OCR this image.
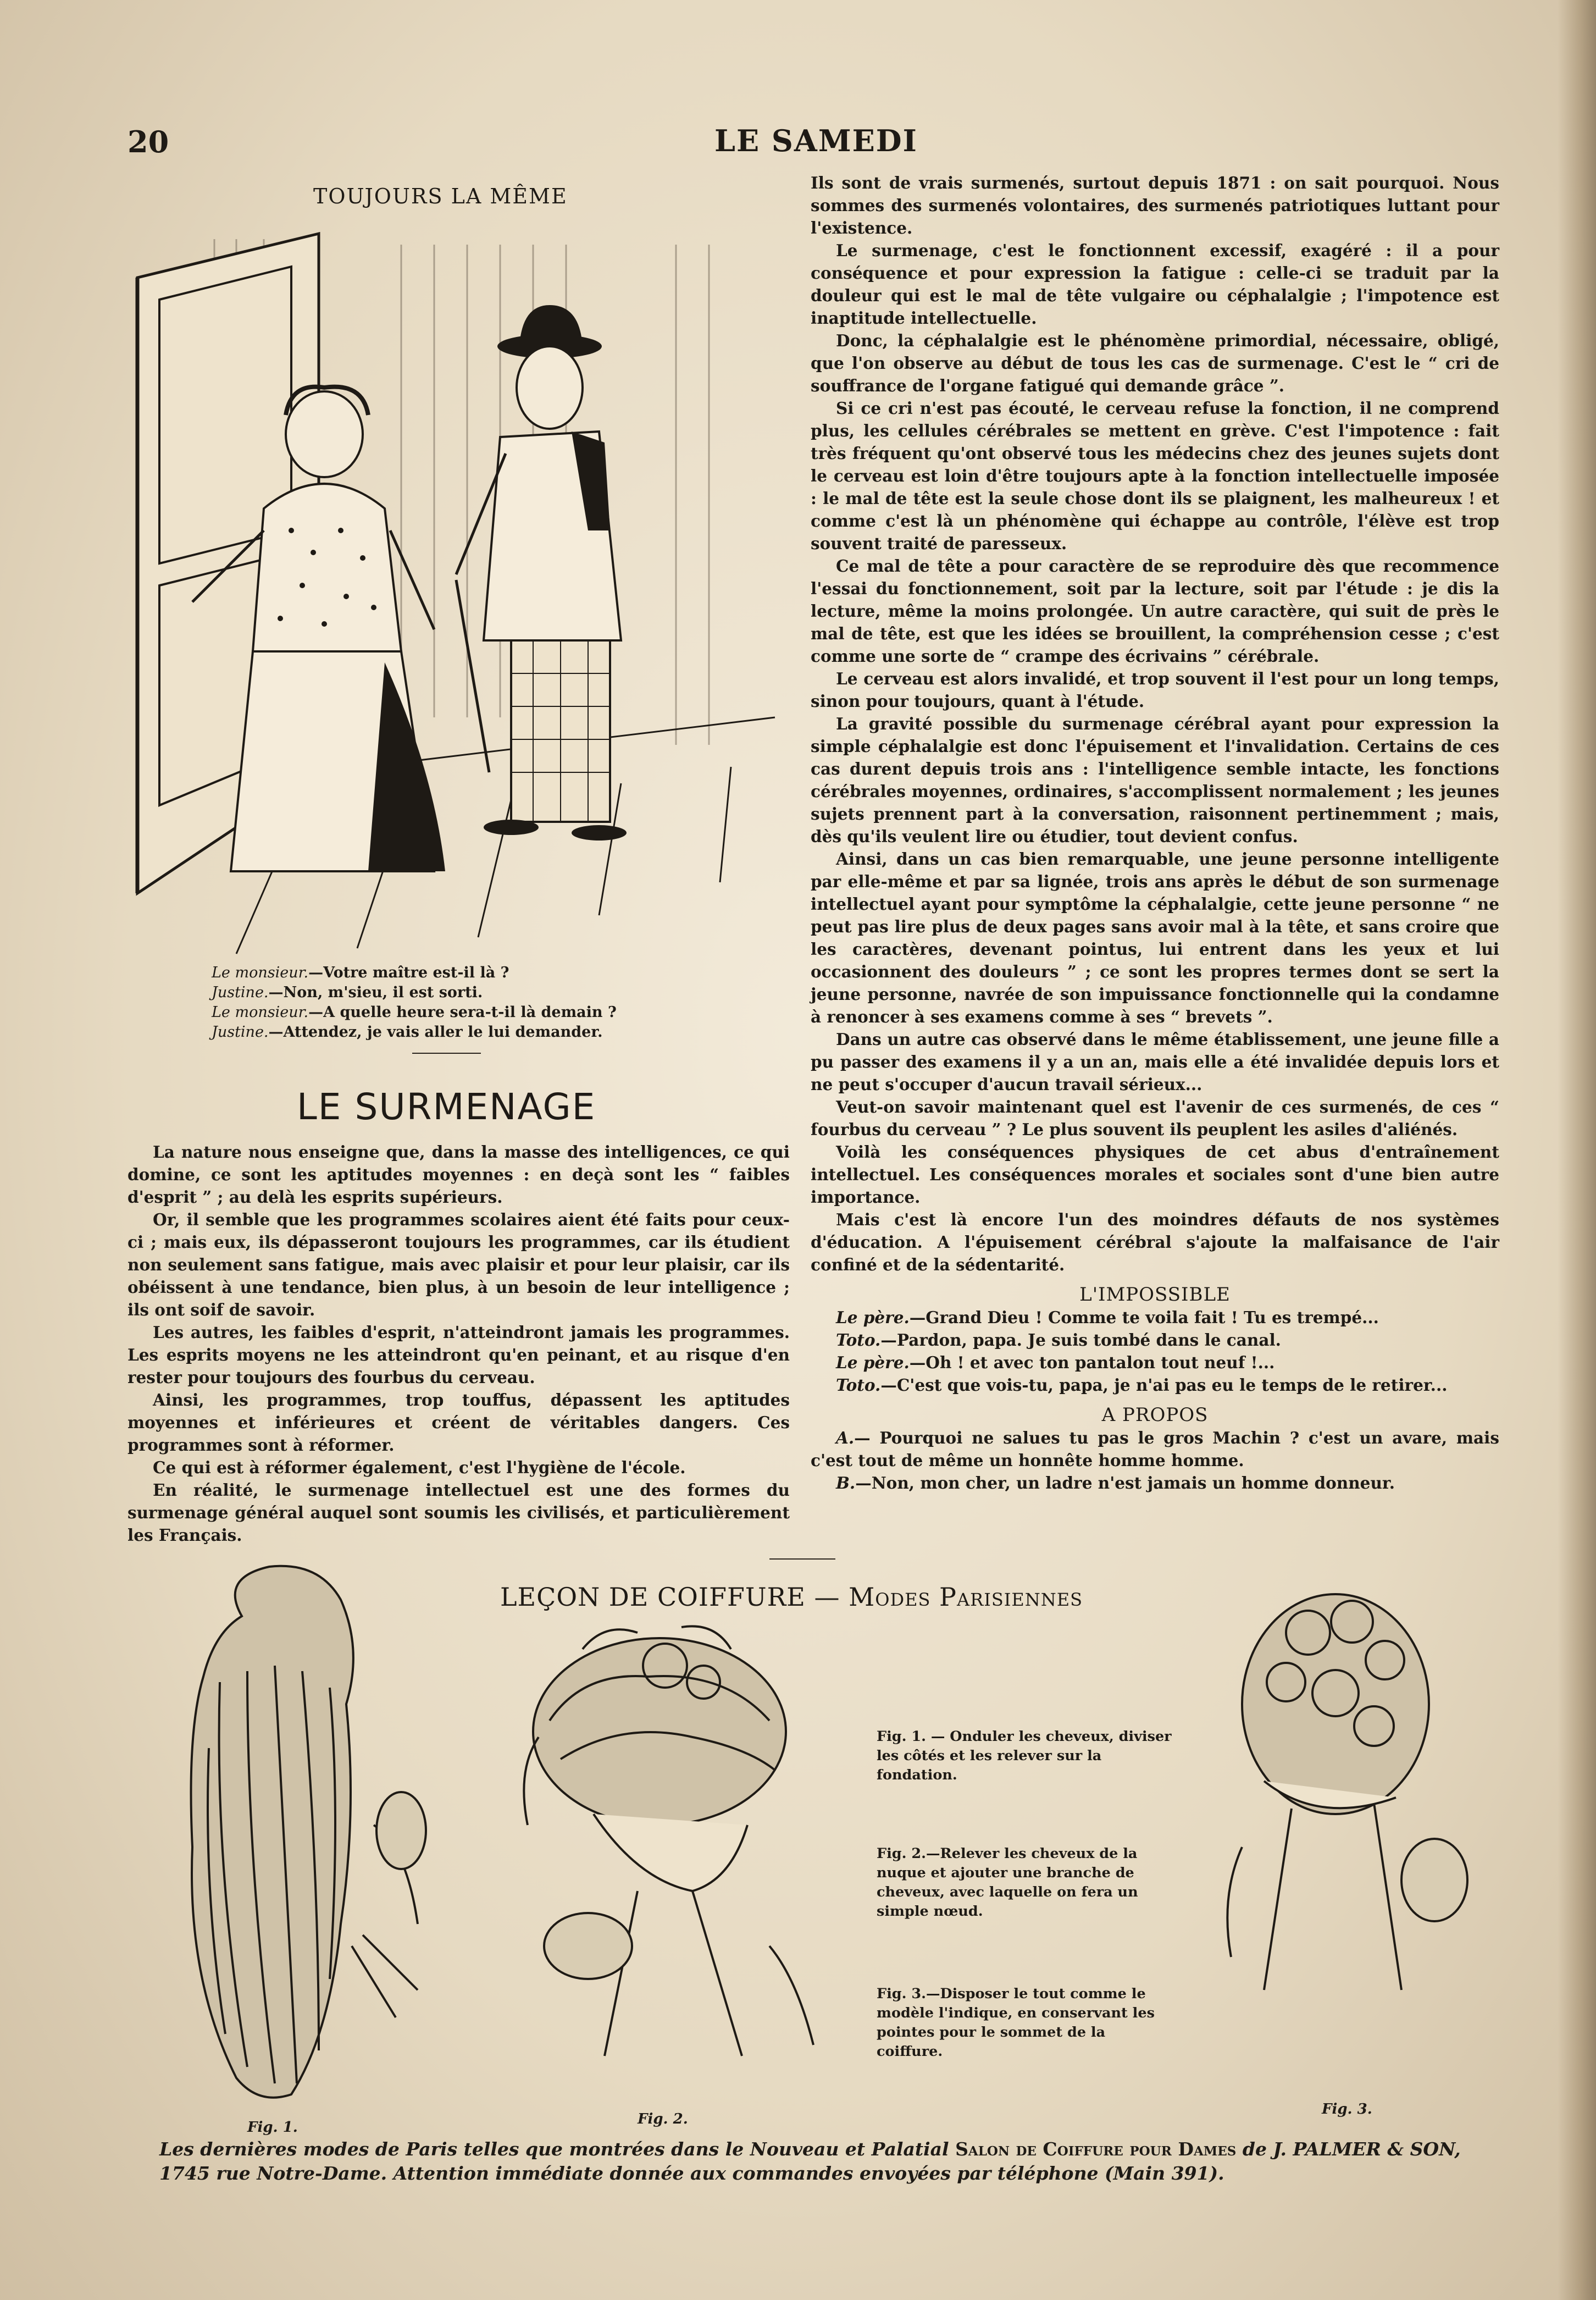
20	LE SAMEDI
TOUJOURS LA MÊME
Le monsieur.—Votre maître est-il là ?
Justine.—Non, m'sieu, il est sorti.
Le monsieur.—A quelle heure sera-t-il là demain ?
Justine.—Attendez, je vais aller le lui demander.
LE SURMENAGE

La nature nous enseigne que, dans la masse des intelligences, ce qui domine, ce sont les aptitudes moyennes : en deçà sont les “ faibles d'esprit ” ; au delà les esprits supérieurs.

Or, il semble que les programmes scolaires aient été faits pour ceux-ci ; mais eux, ils dépasseront toujours les programmes, car ils étudient non seulement sans fatigue, mais avec plaisir et pour leur plaisir, car ils obéissent à une tendance, bien plus, à un besoin de leur intelligence ; ils ont soif de savoir.

Les autres, les faibles d'esprit, n'atteindront jamais les programmes. Les esprits moyens ne les atteindront qu'en peinant, et au risque d'en rester pour toujours des fourbus du cerveau.

Ainsi, les programmes, trop touffus, dépassent les aptitudes moyennes et inférieures et créent de véritables dangers. Ces programmes sont à réformer.

Ce qui est à réformer également, c'est l'hygiène de l'école.

En réalité, le surmenage intellectuel est une des formes du surmenage général auquel sont soumis les civilisés, et particulièrement les Français.

Ils sont de vrais surmenés, surtout depuis 1871 : on sait pourquoi. Nous sommes des surmenés volontaires, des surmenés patriotiques luttant pour l'existence.

Le surmenage, c'est le fonctionnent excessif, exagéré : il a pour conséquence et pour expression la fatigue : celle-ci se traduit par la douleur qui est le mal de tête vulgaire ou céphalalgie ; l'impotence est inaptitude intellectuelle.

Donc, la céphalalgie est le phénomène primordial, nécessaire, obligé, que l'on observe au début de tous les cas de surmenage. C'est le “ cri de souffrance de l'organe fatigué qui demande grâce ”.

Si ce cri n'est pas écouté, le cerveau refuse la fonction, il ne comprend plus, les cellules cérébrales se mettent en grève. C'est l'impotence : fait très fréquent qu'ont observé tous les médecins chez des jeunes sujets dont le cerveau est loin d'être toujours apte à la fonction intellectuelle imposée : le mal de tête est la seule chose dont ils se plaignent, les malheureux ! et comme c'est là un phénomène qui échappe au contrôle, l'élève est trop souvent traité de paresseux.

Ce mal de tête a pour caractère de se reproduire dès que recommence l'essai du fonctionnement, soit par la lecture, soit par l'étude : je dis la lecture, même la moins prolongée. Un autre caractère, qui suit de près le mal de tête, est que les idées se brouillent, la compréhension cesse ; c'est comme une sorte de “ crampe des écrivains ” cérébrale.

Le cerveau est alors invalidé, et trop souvent il l'est pour un long temps, sinon pour toujours, quant à l'étude.

La gravité possible du surmenage cérébral ayant pour expression la simple céphalalgie est donc l'épuisement et l'invalidation. Certains de ces cas durent depuis trois ans : l'intelligence semble intacte, les fonctions cérébrales moyennes, ordinaires, s'accomplissent normalement ; les jeunes sujets prennent part à la conversation, raisonnent pertinemment ; mais, dès qu'ils veulent lire ou étudier, tout devient confus.

Ainsi, dans un cas bien remarquable, une jeune personne intelligente par elle-même et par sa lignée, trois ans après le début de son surmenage intellectuel ayant pour symptôme la céphalalgie, cette jeune personne “ ne peut pas lire plus de deux pages sans avoir mal à la tête, et sans croire que les caractères, devenant pointus, lui entrent dans les yeux et lui occasionnent des douleurs ” ; ce sont les propres termes dont se sert la jeune personne, navrée de son impuissance fonctionnelle qui la condamne à renoncer à ses examens comme à ses “ brevets ”.

Dans un autre cas observé dans le même établissement, une jeune fille a pu passer des examens il y a un an, mais elle a été invalidée depuis lors et ne peut s'occuper d'aucun travail sérieux...

Veut-on savoir maintenant quel est l'avenir de ces surmenés, de ces “ fourbus du cerveau ” ? Le plus souvent ils peuplent les asiles d'aliénés.

Voilà les conséquences physiques de cet abus d'entraînement intellectuel. Les conséquences morales et sociales sont d'une bien autre importance.

Mais c'est là encore l'un des moindres défauts de nos systèmes d'éducation. A l'épuisement cérébral s'ajoute la malfaisance de l'air confiné et de la sédentarité.

L'IMPOSSIBLE

Le père.—Grand Dieu ! Comme te voila fait ! Tu es trempé...

Toto.—Pardon, papa. Je suis tombé dans le canal.

Le père.—Oh ! et avec ton pantalon tout neuf !...

Toto.—C'est que vois-tu, papa, je n'ai pas eu le temps de le retirer...

A PROPOS

A.— Pourquoi ne salues tu pas le gros Machin ? c'est un avare, mais c'est tout de même un honnête homme homme.

B.—Non, mon cher, un ladre n'est jamais un homme donneur.

LEÇON DE COIFFURE — Modes Parisiennes
Fig. 1. — Onduler les cheveux, diviser les côtés et les relever sur la fondation.
Fig. 2.—Relever les cheveux de la nuque et ajouter une branche de cheveux, avec laquelle on fera un simple nœud.
Fig. 3.—Disposer le tout comme le modèle l'indique, en conservant les pointes pour le sommet de la coiffure.
Fig. 1.	Fig. 2.
Fig. 3.
Les dernières modes de Paris telles que montrées dans le Nouveau et Palatial Salon de Coiffure pour Dames de J. PALMER & SON, 1745 rue Notre-Dame. Attention immédiate donnée aux commandes envoyées par téléphone (Main 391).
